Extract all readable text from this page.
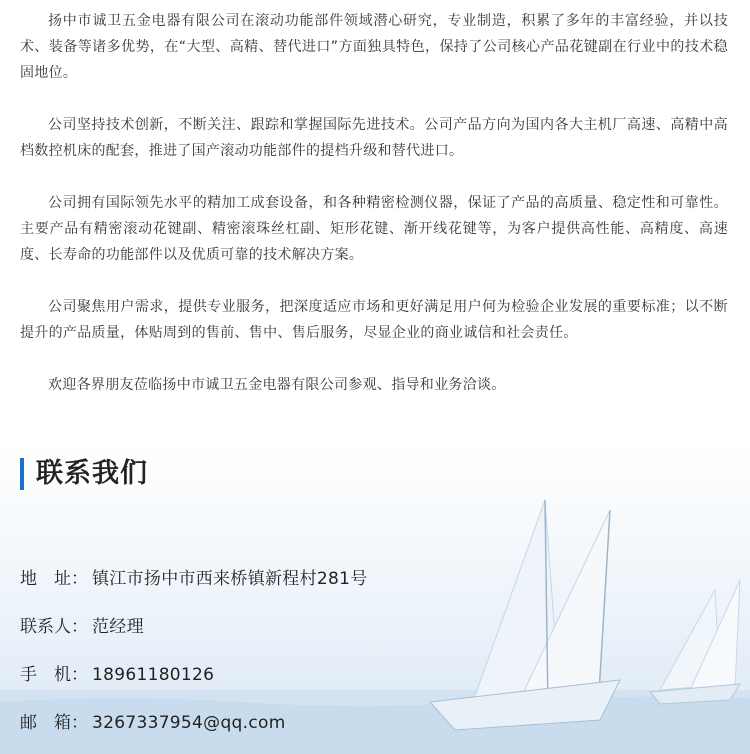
扬中市诚卫五金电器有限公司在滚动功能部件领域潜心研究，专业制造，积累了多年的丰富经验，并以技术、装备等诸多优势，在“大型、高精、替代进口”方面独具特色，保持了公司核心产品花键副在行业中的技术稳固地位。

公司坚持技术创新，不断关注、跟踪和掌握国际先进技术。公司产品方向为国内各大主机厂高速、高精中高档数控机床的配套，推进了国产滚动功能部件的提档升级和替代进口。

公司拥有国际领先水平的精加工成套设备，和各种精密检测仪器，保证了产品的高质量、稳定性和可靠性。主要产品有精密滚动花键副、精密滚珠丝杠副、矩形花键、渐开线花键等，为客户提供高性能、高精度、高速度、长寿命的功能部件以及优质可靠的技术解决方案。

公司聚焦用户需求，提供专业服务，把深度适应市场和更好满足用户何为检验企业发展的重要标准；以不断提升的产品质量，体贴周到的售前、售中、售后服务，尽显企业的商业诚信和社会责任。

欢迎各界朋友莅临扬中市诚卫五金电器有限公司参观、指导和业务洽谈。

联系我们
地　址： 镇江市扬中市西来桥镇新程村281号
联系人： 范经理
手　机： 18961180126
邮　箱： 3267337954@qq.com
